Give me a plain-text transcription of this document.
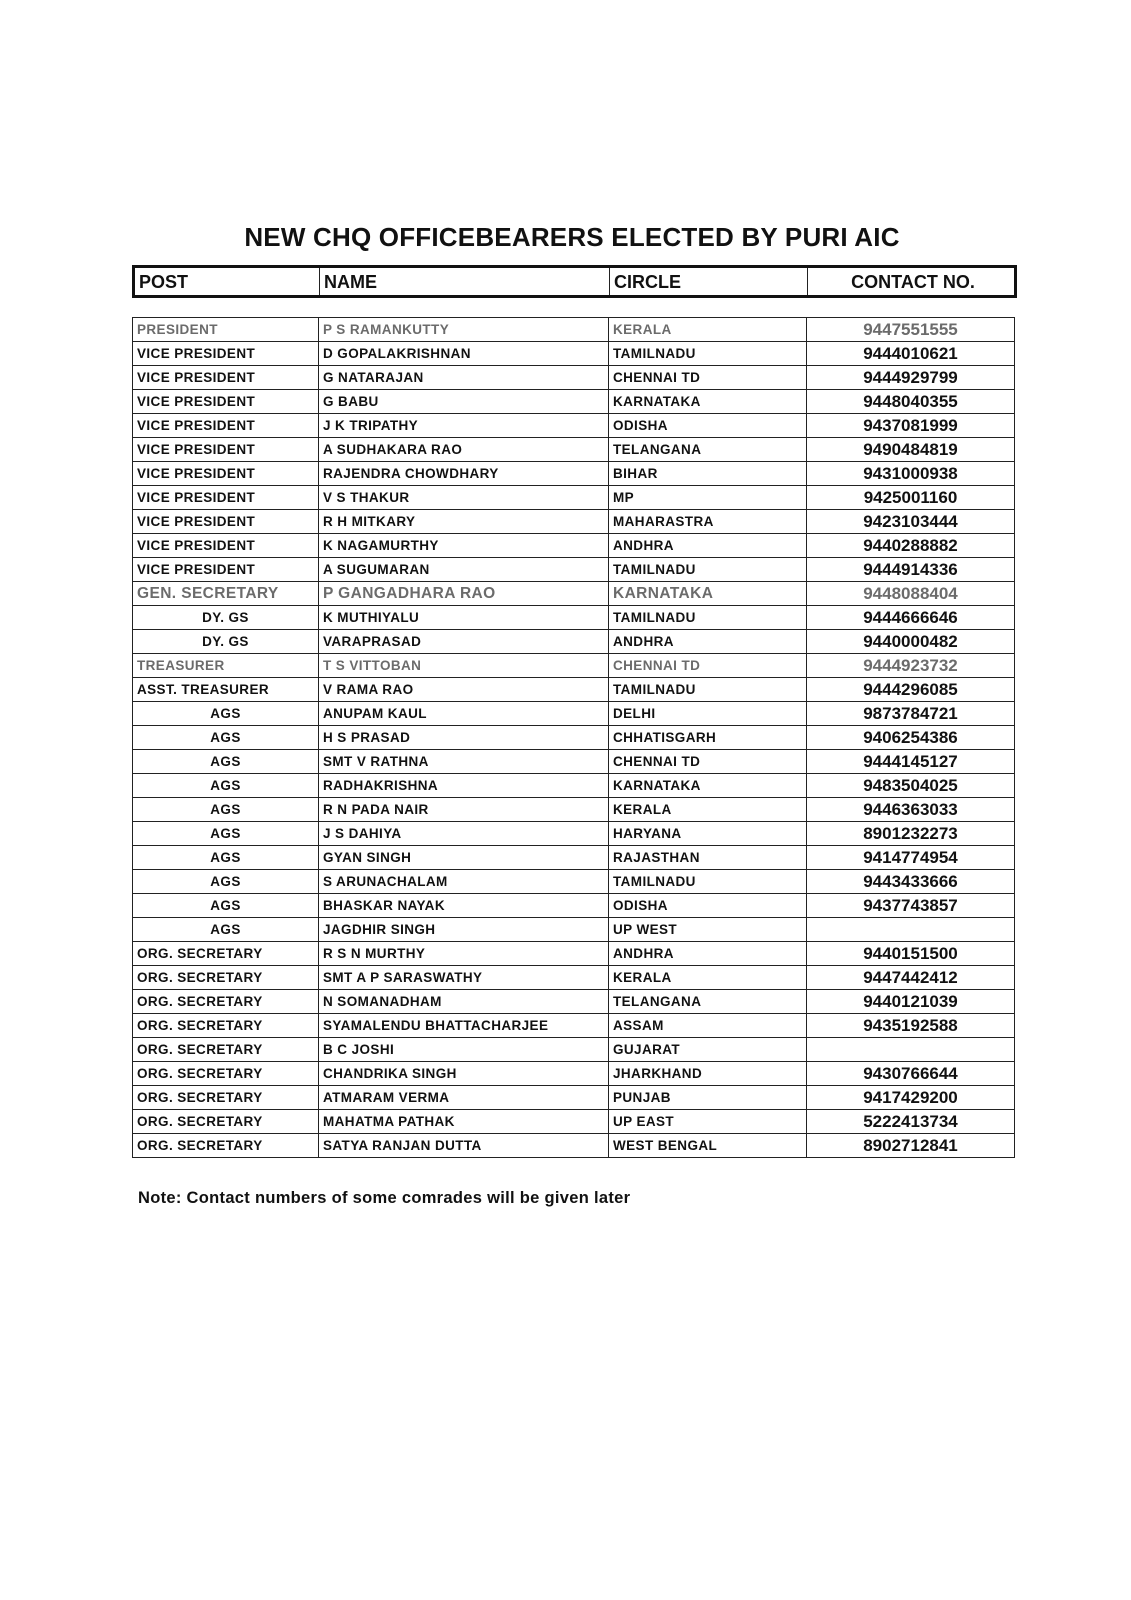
NEW CHQ OFFICEBEARERS ELECTED BY PURI AIC
POST	NAME	CIRCLE	CONTACT NO.
PRESIDENT	P S RAMANKUTTY	KERALA	9447551555
VICE PRESIDENT	D GOPALAKRISHNAN	TAMILNADU	9444010621
VICE PRESIDENT	G NATARAJAN	CHENNAI TD	9444929799
VICE PRESIDENT	G BABU	KARNATAKA	9448040355
VICE PRESIDENT	J K TRIPATHY	ODISHA	9437081999
VICE PRESIDENT	A SUDHAKARA RAO	TELANGANA	9490484819
VICE PRESIDENT	RAJENDRA CHOWDHARY	BIHAR	9431000938
VICE PRESIDENT	V S THAKUR	MP	9425001160
VICE PRESIDENT	R H MITKARY	MAHARASTRA	9423103444
VICE PRESIDENT	K NAGAMURTHY	ANDHRA	9440288882
VICE PRESIDENT	A SUGUMARAN	TAMILNADU	9444914336
GEN. SECRETARY	P GANGADHARA RAO	KARNATAKA	9448088404
DY. GS	K MUTHIYALU	TAMILNADU	9444666646
DY. GS	VARAPRASAD	ANDHRA	9440000482
TREASURER	T S VITTOBAN	CHENNAI TD	9444923732
ASST. TREASURER	V RAMA RAO	TAMILNADU	9444296085
AGS	ANUPAM KAUL	DELHI	9873784721
AGS	H S PRASAD	CHHATISGARH	9406254386
AGS	SMT V RATHNA	CHENNAI TD	9444145127
AGS	RADHAKRISHNA	KARNATAKA	9483504025
AGS	R N PADA NAIR	KERALA	9446363033
AGS	J S DAHIYA	HARYANA	8901232273
AGS	GYAN SINGH	RAJASTHAN	9414774954
AGS	S ARUNACHALAM	TAMILNADU	9443433666
AGS	BHASKAR NAYAK	ODISHA	9437743857
AGS	JAGDHIR SINGH	UP WEST	
ORG. SECRETARY	R S N MURTHY	ANDHRA	9440151500
ORG. SECRETARY	SMT A P SARASWATHY	KERALA	9447442412
ORG. SECRETARY	N SOMANADHAM	TELANGANA	9440121039
ORG. SECRETARY	SYAMALENDU BHATTACHARJEE	ASSAM	9435192588
ORG. SECRETARY	B C JOSHI	GUJARAT	
ORG. SECRETARY	CHANDRIKA SINGH	JHARKHAND	9430766644
ORG. SECRETARY	ATMARAM VERMA	PUNJAB	9417429200
ORG. SECRETARY	MAHATMA PATHAK	UP EAST	5222413734
ORG. SECRETARY	SATYA RANJAN DUTTA	WEST BENGAL	8902712841
Note: Contact numbers of some comrades will be given later
